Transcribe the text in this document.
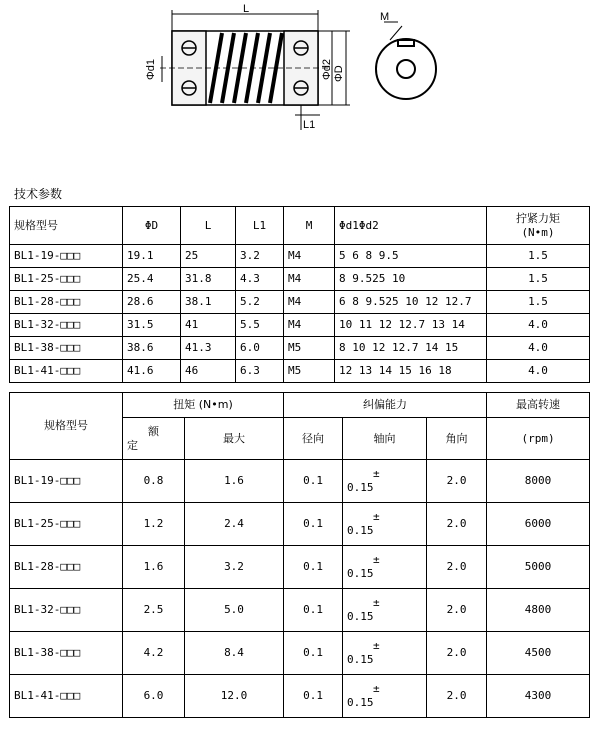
L
Φd1	ΦD
Φd2
L1
M
技术参数
规格型号	ΦD	L	L1	M	Φd1Φd2	拧紧力矩
(N•m)

BL1-19-□□□	19.1	25	3.2	M4	5 6 8 9.5	1.5
BL1-25-□□□	25.4	31.8	4.3	M4	8 9.525 10	1.5
BL1-28-□□□	28.6	38.1	5.2	M4	6 8 9.525 10 12 12.7	1.5
BL1-32-□□□	31.5	41	5.5	M4	10 11 12 12.7 13 14	4.0
BL1-38-□□□	38.6	41.3	6.0	M5	8 10 12 12.7 14 15	4.0
BL1-41-□□□	41.6	46	6.3	M5	12 13 14 15 16 18	4.0
规格型号	扭矩 (N•m)		纠偏能力			最高转速

	额
定	最大	径向	轴向	角向	(rpm)
BL1-19-□□□	0.8	1.6	0.1	±
0.15	2.0	8000
BL1-25-□□□	1.2	2.4	0.1	±
0.15	2.0	6000
BL1-28-□□□	1.6	3.2	0.1	±
0.15	2.0	5000
BL1-32-□□□	2.5	5.0	0.1	±
0.15	2.0	4800
BL1-38-□□□	4.2	8.4	0.1	±
0.15	2.0	4500
BL1-41-□□□	6.0	12.0	0.1	±
0.15	2.0	4300
